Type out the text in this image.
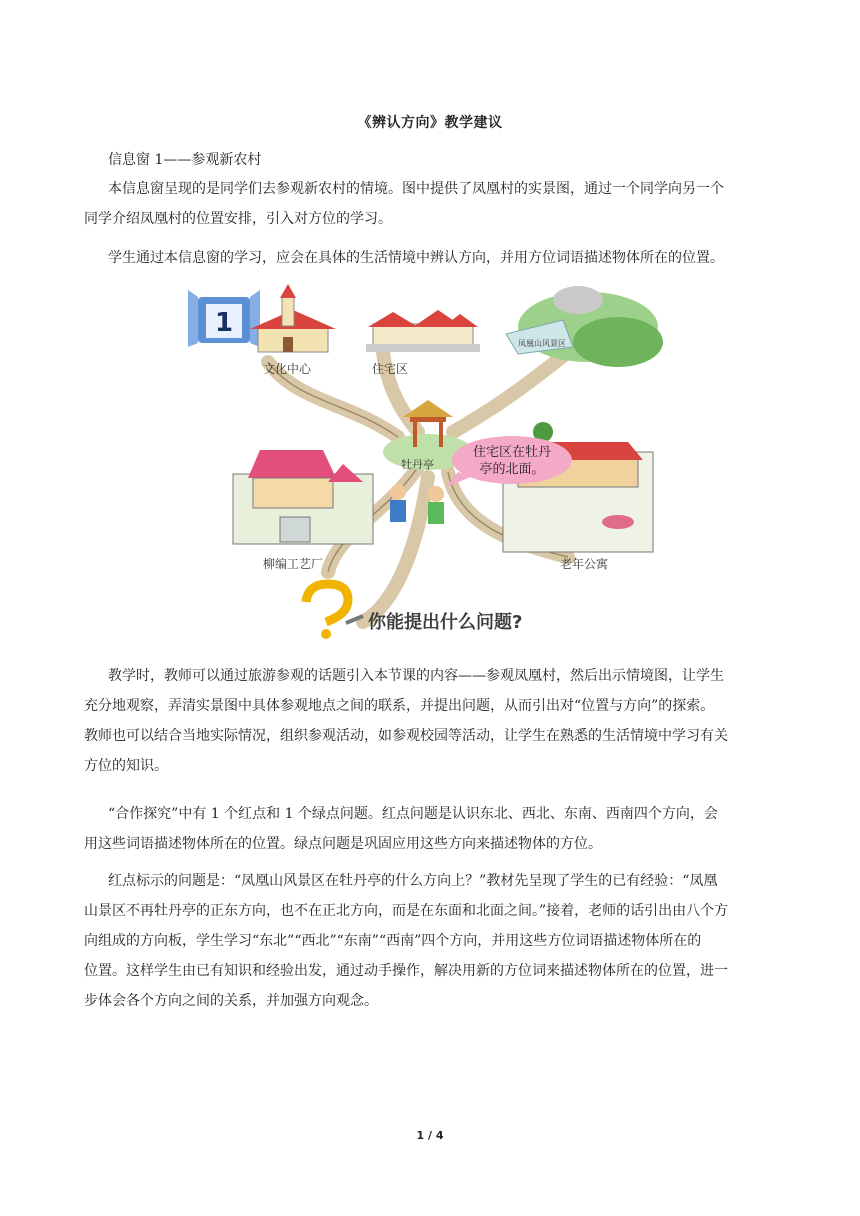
《辨认方向》教学建议

信息窗 1——参观新农村

本信息窗呈现的是同学们去参观新农村的情境。图中提供了凤凰村的实景图，通过一个同学向另一个
同学介绍凤凰村的位置安排，引入对方位的学习。

学生通过本信息窗的学习，应会在具体的生活情境中辨认方向，并用方位词语描述物体所在的位置。

1
住宅区在牡丹
亭的北面。
文化中心	住宅区
凤凰山风景区
牡丹亭
柳编工艺厂	老年公寓
你能提出什么问题?

教学时，教师可以通过旅游参观的话题引入本节课的内容——参观凤凰村，然后出示情境图，让学生
充分地观察，弄清实景图中具体参观地点之间的联系，并提出问题，从而引出对“位置与方向”的探索。
教师也可以结合当地实际情况，组织参观活动，如参观校园等活动，让学生在熟悉的生活情境中学习有关
方位的知识。

“合作探究”中有 1 个红点和 1 个绿点问题。红点问题是认识东北、西北、东南、西南四个方向，会
用这些词语描述物体所在的位置。绿点问题是巩固应用这些方向来描述物体的方位。

红点标示的问题是：“凤凰山风景区在牡丹亭的什么方向上？”教材先呈现了学生的已有经验：“凤凰
山景区不再牡丹亭的正东方向，也不在正北方向，而是在东面和北面之间。”接着，老师的话引出由八个方
向组成的方向板，学生学习“东北”“西北”“东南”“西南”四个方向，并用这些方位词语描述物体所在的
位置。这样学生由已有知识和经验出发，通过动手操作，解决用新的方位词来描述物体所在的位置，进一
步体会各个方向之间的关系，并加强方向观念。

1 / 4
